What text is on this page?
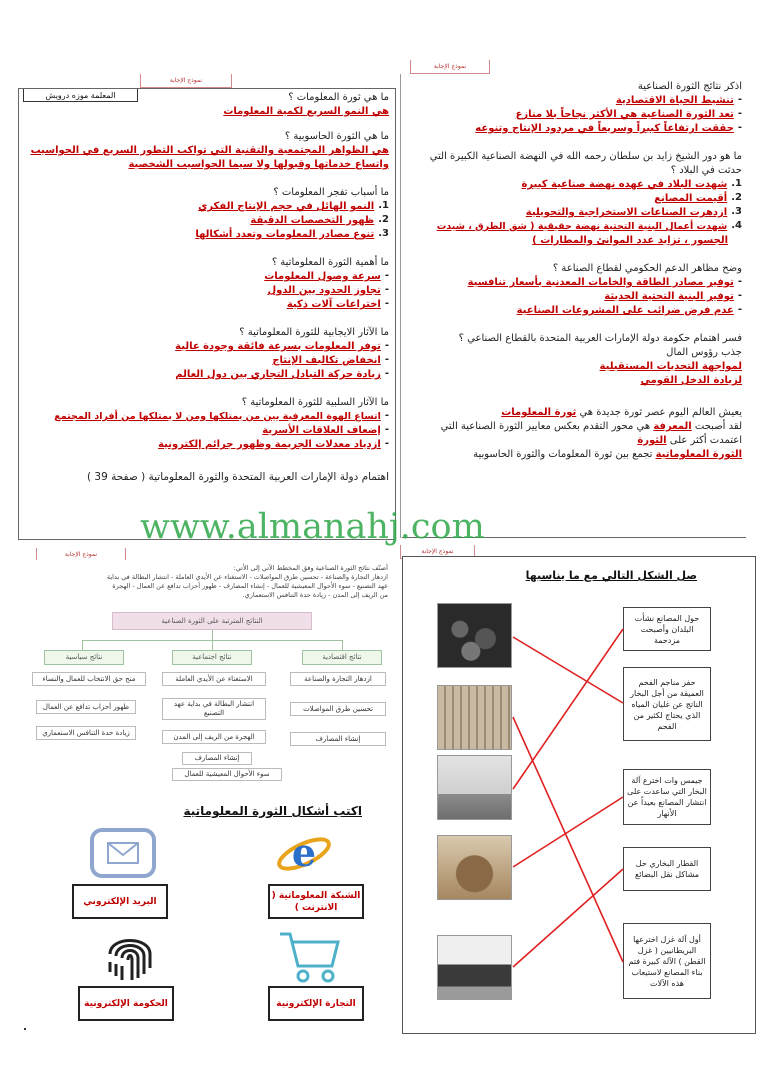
نموذج الإجابة
نموذج الإجابة
نموذج الإجابة	نموذج الإجابة
المعلمة موزه درويش	ما هي ثورة المعلومات ؟
هي النمو السريع لكمية المعلومات
ما هي الثورة الحاسوبية ؟
هي الظواهر المجتمعية والتقنية التي تواكب التطور السريع في الحواسيب
واتساع خدماتها وقبولها ولا سيما الحواسيب الشخصية
ما أسباب تفجر المعلومات ؟
1.
النمو الهائل في حجم الإنتاج الفكري
2.
ظهور التخصصات الدقيقة
3.
تنوع مصادر المعلومات وتعدد أشكالها
ما أهمية الثورة المعلوماتية ؟
-
سرعة وصول المعلومات
-
تجاوز الحدود بين الدول
-
اختراعات آلات ذكية
ما الآثار الايجابية للثورة المعلوماتية ؟
-
توفر المعلومات بسرعة فائقة وجودة عالية
-
انخفاض تكاليف الإنتاج
-
زيادة حركة التبادل التجاري بين دول العالم
ما الآثار السلبية للثورة المعلوماتية ؟
-
اتساع الهوة المعرفية بين من يمتلكها ومن لا يمتلكها من أفراد المجتمع
-
إضعاف العلاقات الأسرية
-
ازدياد معدلات الجريمة وظهور جرائم إلكترونية
اهتمام دولة الإمارات العربية المتحدة والثورة المعلوماتية ( صفحة 39 )
اذكر نتائج الثورة الصناعية
-
تنشيط الحياة الاقتصادية
-
تعد الثورة الصناعية هي الأكثر نجاحاً بلا منازع
-
حققت ارتفاعاً كبيراً وسريعاً في مردود الإنتاج وتنوعه
ما هو دور الشيخ زايد بن سلطان رحمه الله في النهضة الصناعية الكبيرة التي
حدثت في البلاد ؟
1.
شهدت البلاد في عهده نهضة صناعية كبيرة
2.
أقيمت المصانع
3.
ازدهرت الصناعات الاستخراجية والتحويلية
4.
شهدت أعمال البنية التحتية نهضة حقيقية ( شق الطرق ، شيدت
الجسور ، تزايد عدد الموانئ والمطارات )
وضح مظاهر الدعم الحكومي لقطاع الصناعة ؟
-
توفير مصادر الطاقة والخامات المعدنية بأسعار تنافسية
-
توفير البنية التحتية الحديثة
-
عدم فرض ضرائب على المشروعات الصناعية
فسر اهتمام حكومة دولة الإمارات العربية المتحدة بالقطاع الصناعي ؟
جذب رؤوس المال
لمواجهة التحديات المستقبلية
لزيادة الدخل القومي
يعيش العالم اليوم عصر ثورة جديدة هي ثورة المعلومات
لقد أصبحت المعرفة هي محور التقدم بعكس معايير الثورة الصناعية التي
اعتمدت أكثر على الثورة
الثورة المعلوماتية تجمع بين ثورة المعلومات والثورة الحاسوبية
www.almanahj.com
أصنّف نتائج الثورة الصناعية وفق المخطط الآتي إلى الأتي:
ازدهار التجارة والصناعة - تحسين طرق المواصلات - الاستغناء عن الأيدي العاملة - انتشار البطالة في بداية
عهد التصنيع - سوء الأحوال المعيشية للعمال - إنشاء المصارف - ظهور أحزاب تدافع عن العمال - الهجرة
من الريف إلى المدن - زيادة حدة التنافس الاستعماري.
النتائج المترتبة على الثورة الصناعية
نتائج اقتصادية
نتائج اجتماعية
نتائج سياسية
ازدهار التجارة والصناعة
تحسين طرق المواصلات
إنشاء المصارف
الاستغناء عن الأيدي العاملة
انتشار البطالة في بداية عهد التصنيع
الهجرة من الريف إلى المدن
إنشاء المصارف
سوء الأحوال المعيشية للعمال
منح حق الانتخاب للعمال والنساء
ظهور أحزاب تدافع عن العمال
زيادة حدة التنافس الاستعماري
اكتب أشكال الثورة المعلوماتية
e
الشبكة المعلوماتية ( الانترنت )
البريد الإلكتروني
التجارة الإلكترونية
الحكومة الإلكترونية
صل الشكل التالي مع ما يناسبها
حول المصانع نشأت البلدان وأصبحت مزدحمة
حفر مناجم الفحم العميقة من أجل البخار الناتج عن غليان المياه الذي يحتاج لكثير من الفحم
جيمس وات اخترع آلة البخار التي ساعدت على انتشار المصانع بعيداً عن الأنهار
القطار البخاري حل مشاكل نقل البضائع
أول آلة غزل اخترعها البريطانيين ( غزل القطن ) الآلة كبيرة فتم بناء المصانع لاستيعاب هذه الآلات
